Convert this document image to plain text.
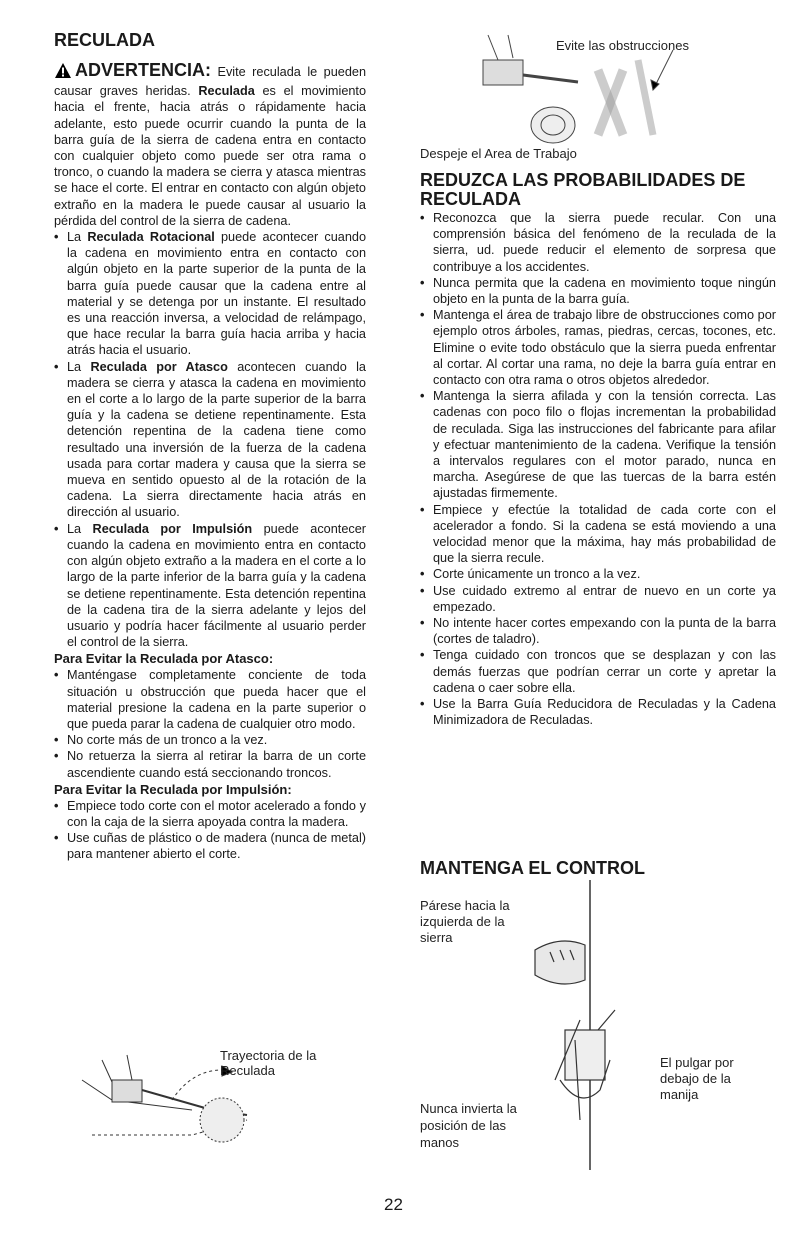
RECULADA

ADVERTENCIA: Evite reculada le pueden causar graves heridas. Reculada es el movimiento hacia el frente, hacia atrás o rápidamente hacia adelante, esto puede ocurrir cuando la punta de la barra guía de la sierra de cadena entra en contacto con cualquier objeto como puede ser otra rama o tronco, o cuando la madera se cierra y atasca mientras se hace el corte. El entrar en contacto con algún objeto extraño en la madera le puede causar al usuario la pérdida del control de la sierra de cadena.

• La Reculada Rotacional puede acontecer cuando la cadena en movimiento entra en contacto con algún objeto en la parte superior de la punta de la barra guía puede causar que la cadena entre al material y se detenga por un instante. El resultado es una reacción inversa, a velocidad de relámpago, que hace recular la barra guía hacia arriba y hacia atrás hacia el usuario.
• La Reculada por Atasco acontecen cuando la madera se cierra y atasca la cadena en movimiento en el corte a lo largo de la parte superior de la barra guía y la cadena se detiene repentinamente. Esta detención repentina de la cadena tiene como resultado una inversión de la fuerza de la cadena usada para cortar madera y causa que la sierra se mueva en sentido opuesto al de la rotación de la cadena. La sierra directamente hacia atrás en dirección al usuario.
• La Reculada por Impulsión puede acontecer cuando la cadena en movimiento entra en contacto con algún objeto extraño a la madera en el corte a lo largo de la parte inferior de la barra guía y la cadena se detiene repentinamente. Esta detención repentina de la cadena tira de la sierra adelante y lejos del usuario y podría hacer fácilmente al usuario perder el control de la sierra.

Para Evitar la Reculada por Atasco:

• Manténgase completamente conciente de toda situación u obstrucción que pueda hacer que el material presione la cadena en la parte superior o que pueda parar la cadena de cualquier otro modo.
• No corte más de un tronco a la vez.
• No retuerza la sierra al retirar la barra de un corte ascendiente cuando está seccionando troncos.

Para Evitar la Reculada por Impulsión:

• Empiece todo corte con el motor acelerado a fondo y con la caja de la sierra apoyada contra la madera.
• Use cuñas de plástico o de madera (nunca de metal) para mantener abierto el corte.
Trayectoria de la Reculada
Evite las obstrucciones
Despeje el Area de Trabajo
REDUZCA LAS PROBABILIDADES DE RECULADA
• Reconozca que la sierra puede recular. Con una comprensión básica del fenómeno de la reculada de la sierra, ud. puede reducir el elemento de sorpresa que contribuye a los accidentes.
• Nunca permita que la cadena en movimiento toque ningún objeto en la punta de la barra guía.
• Mantenga el área de trabajo libre de obstrucciones como por ejemplo otros árboles, ramas, piedras, cercas, tocones, etc. Elimine o evite todo obstáculo que la sierra pueda enfrentar al cortar. Al cortar una rama, no deje la barra guía entrar en contacto con otra rama o otros objetos alrededor.
• Mantenga la sierra afilada y con la tensión correcta. Las cadenas con poco filo o flojas incrementan la probabilidad de reculada. Siga las instrucciones del fabricante para afilar y efectuar mantenimiento de la cadena. Verifique la tensión a intervalos regulares con el motor parado, nunca en marcha. Asegúrese de que las tuercas de la barra estén ajustadas firmemente.
• Empiece y efectúe la totalidad de cada corte con el acelerador a fondo. Si la cadena se está moviendo a una velocidad menor que la máxima, hay más probabilidad de que la sierra recule.
• Corte únicamente un tronco a la vez.
• Use cuidado extremo al entrar de nuevo en un corte ya empezado.
• No intente hacer cortes empexando con la punta de la barra (cortes de taladro).
• Tenga cuidado con troncos que se desplazan y con las demás fuerzas que podrían cerrar un corte y apretar la cadena o caer sobre ella.
• Use la Barra Guía Reducidora de Reculadas y la Cadena Minimizadora de Reculadas.
MANTENGA EL CONTROL
Párese hacia la izquierda de la sierra
El pulgar por debajo de la manija
Nunca invierta la posición de las manos
22
